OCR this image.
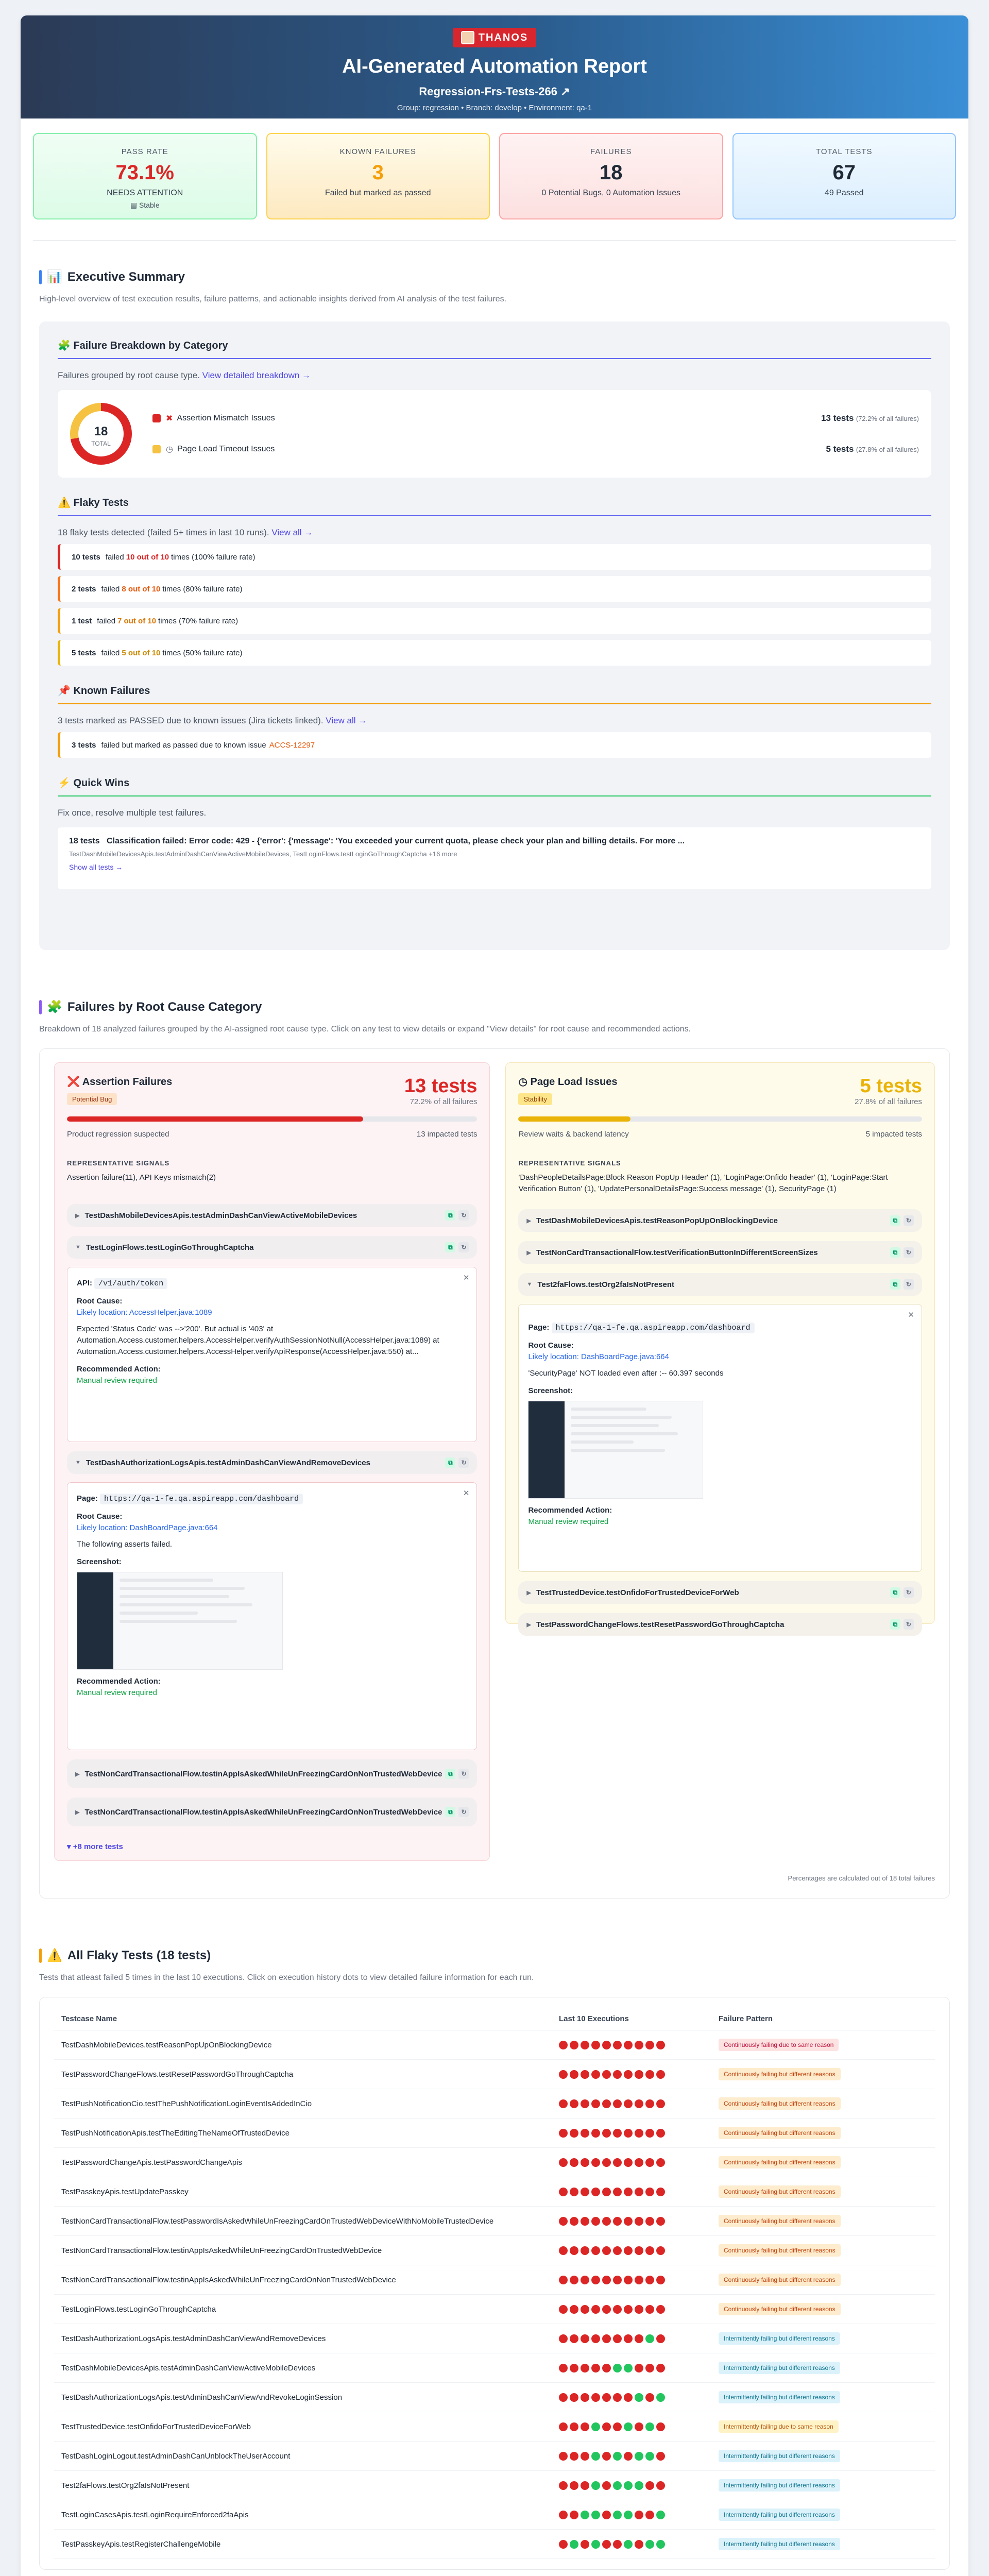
THANOS
AI-Generated Automation Report
Regression-Frs-Tests-266 ↗
Group: regression • Branch: develop • Environment: qa-1
PASS RATE
73.1%
NEEDS ATTENTION
▤ Stable
KNOWN FAILURES
3
Failed but marked as passed
FAILURES
18
0 Potential Bugs, 0 Automation Issues
TOTAL TESTS
67
49 Passed
📊 Executive Summary
High-level overview of test execution results, failure patterns, and actionable insights derived from AI analysis of the test failures.
🧩 Failure Breakdown by Category
Failures grouped by root cause type. View detailed breakdown →
18
TOTAL
✖ Assertion Mismatch Issues	13 tests (72.2% of all failures)
◷ Page Load Timeout Issues	5 tests (27.8% of all failures)
⚠️ Flaky Tests
18 flaky tests detected (failed 5+ times in last 10 runs). View all →
10 tests failed 10 out of 10 times (100% failure rate)
2 tests failed 8 out of 10 times (80% failure rate)
1 test failed 7 out of 10 times (70% failure rate)
5 tests failed 5 out of 10 times (50% failure rate)
📌 Known Failures
3 tests marked as PASSED due to known issues (Jira tickets linked). View all →
3 tests failed but marked as passed due to known issue ACCS-12297
⚡ Quick Wins
Fix once, resolve multiple test failures.
18 tests Classification failed: Error code: 429 - {'error': {'message': 'You exceeded your current quota, please check your plan and billing details. For more ...
TestDashMobileDevicesApis.testAdminDashCanViewActiveMobileDevices, TestLoginFlows.testLoginGoThroughCaptcha +16 more
Show all tests →
🧩 Failures by Root Cause Category
Breakdown of 18 analyzed failures grouped by the AI-assigned root cause type. Click on any test to view details or expand "View details" for root cause and recommended actions.
❌ Assertion Failures
Potential Bug
13 tests
72.2% of all failures
Product regression suspected	13 impacted tests
REPRESENTATIVE SIGNALS
Assertion failure(11), API Keys mismatch(2)
▶ TestDashMobileDevicesApis.testAdminDashCanViewActiveMobileDevices	⧉	↻
▼ TestLoginFlows.testLoginGoThroughCaptcha	⧉	↻
✕
API: /v1/auth/token
Root Cause:
Likely location: AccessHelper.java:1089
Expected 'Status Code' was -->'200'. But actual is '403' at Automation.Access.customer.helpers.AccessHelper.verifyAuthSessionNotNull(AccessHelper.java:1089) at Automation.Access.customer.helpers.AccessHelper.verifyApiResponse(AccessHelper.java:550) at...
Recommended Action:
Manual review required
▼ TestDashAuthorizationLogsApis.testAdminDashCanViewAndRemoveDevices	⧉	↻
✕
Page: https://qa-1-fe.qa.aspireapp.com/dashboard
Root Cause:
Likely location: DashBoardPage.java:664
The following asserts failed.
Screenshot:
Recommended Action:
Manual review required
▶ TestNonCardTransactionalFlow.testinAppIsAskedWhileUnFreezingCardOnNonTrustedWebDevice ⧉	↻
▶ TestNonCardTransactionalFlow.testinAppIsAskedWhileUnFreezingCardOnNonTrustedWebDevice ⧉	↻
▾ +8 more tests
◷ Page Load Issues
Stability
5 tests
27.8% of all failures
Review waits & backend latency	5 impacted tests
REPRESENTATIVE SIGNALS
'DashPeopleDetailsPage:Block Reason PopUp Header' (1), 'LoginPage:Onfido header' (1), 'LoginPage:Start Verification Button' (1), 'UpdatePersonalDetailsPage:Success message' (1), SecurityPage (1)
▶ TestDashMobileDevicesApis.testReasonPopUpOnBlockingDevice	⧉	↻
▶ TestNonCardTransactionalFlow.testVerificationButtonInDifferentScreenSizes	⧉	↻
▼ Test2faFlows.testOrg2faIsNotPresent	⧉	↻
✕
Page: https://qa-1-fe.qa.aspireapp.com/dashboard
Root Cause:
Likely location: DashBoardPage.java:664
'SecurityPage' NOT loaded even after :-- 60.397 seconds
Screenshot:
Recommended Action:
Manual review required
▶ TestTrustedDevice.testOnfidoForTrustedDeviceForWeb	⧉	↻
▶ TestPasswordChangeFlows.testResetPasswordGoThroughCaptcha	⧉	↻
Percentages are calculated out of 18 total failures
⚠️ All Flaky Tests (18 tests)
Tests that atleast failed 5 times in the last 10 executions. Click on execution history dots to view detailed failure information for each run.
Testcase Name	Last 10 Executions	Failure Pattern
TestDashMobileDevices.testReasonPopUpOnBlockingDevice	Continuously failing due to same reason
TestPasswordChangeFlows.testResetPasswordGoThroughCaptcha	Continuously failing but different reasons
TestPushNotificationCio.testThePushNotificationLoginEventIsAddedInCio	Continuously failing but different reasons
TestPushNotificationApis.testTheEditingTheNameOfTrustedDevice	Continuously failing but different reasons
TestPasswordChangeApis.testPasswordChangeApis	Continuously failing but different reasons
TestPasskeyApis.testUpdatePasskey	Continuously failing but different reasons
TestNonCardTransactionalFlow.testPasswordIsAskedWhileUnFreezingCardOnTrustedWebDeviceWithNoMobileTrustedDevice	Continuously failing but different reasons
TestNonCardTransactionalFlow.testinAppIsAskedWhileUnFreezingCardOnTrustedWebDevice	Continuously failing but different reasons
TestNonCardTransactionalFlow.testinAppIsAskedWhileUnFreezingCardOnNonTrustedWebDevice	Continuously failing but different reasons
TestLoginFlows.testLoginGoThroughCaptcha	Continuously failing but different reasons
TestDashAuthorizationLogsApis.testAdminDashCanViewAndRemoveDevices	Intermittently failing but different reasons
TestDashMobileDevicesApis.testAdminDashCanViewActiveMobileDevices	Intermittently failing but different reasons
TestDashAuthorizationLogsApis.testAdminDashCanViewAndRevokeLoginSession	Intermittently failing but different reasons
TestTrustedDevice.testOnfidoForTrustedDeviceForWeb	Intermittently failing due to same reason
TestDashLoginLogout.testAdminDashCanUnblockTheUserAccount	Intermittently failing but different reasons
Test2faFlows.testOrg2faIsNotPresent	Intermittently failing but different reasons
TestLoginCasesApis.testLoginRequireEnforced2faApis	Intermittently failing but different reasons
TestPasskeyApis.testRegisterChallengeMobile	Intermittently failing but different reasons
